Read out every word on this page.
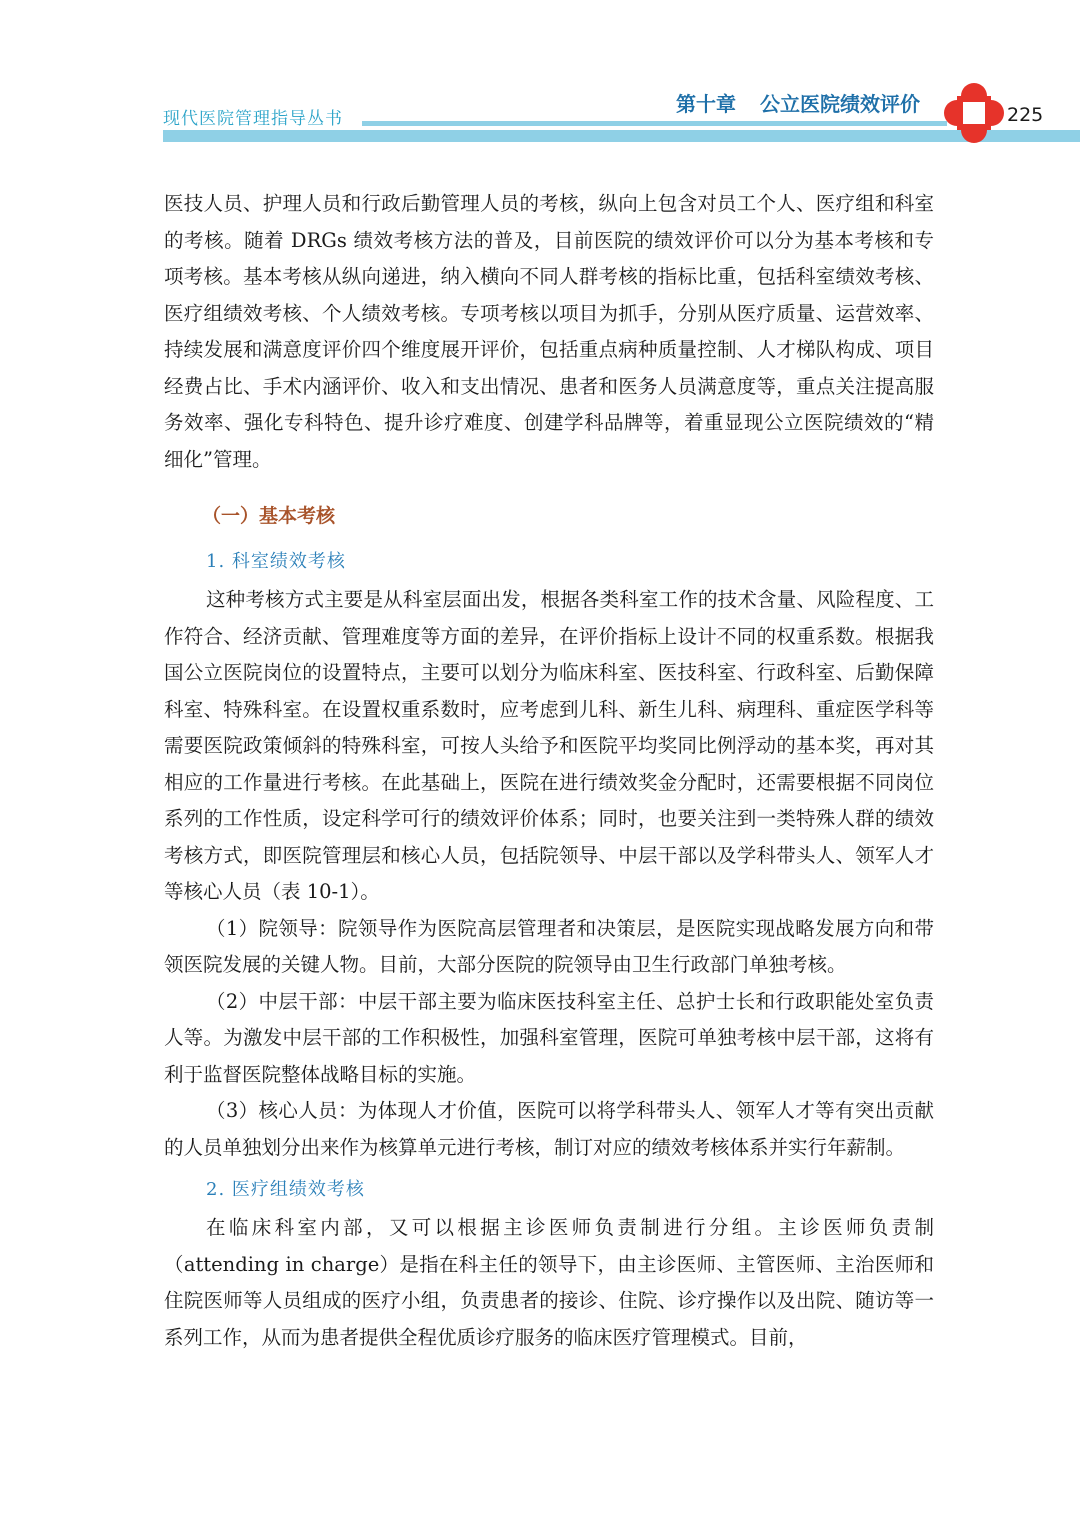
现代医院管理指导丛书
第十章 公立医院绩效评价	225

医技人员、护理人员和行政后勤管理人员的考核，纵向上包含对员工个人、医疗组和科室的考核。随着 DRGs 绩效考核方法的普及，目前医院的绩效评价可以分为基本考核和专项考核。基本考核从纵向递进，纳入横向不同人群考核的指标比重，包括科室绩效考核、医疗组绩效考核、个人绩效考核。专项考核以项目为抓手，分别从医疗质量、运营效率、持续发展和满意度评价四个维度展开评价，包括重点病种质量控制、人才梯队构成、项目经费占比、手术内涵评价、收入和支出情况、患者和医务人员满意度等，重点关注提高服务效率、强化专科特色、提升诊疗难度、创建学科品牌等，着重显现公立医院绩效的“精细化”管理。

（一）基本考核
1. 科室绩效考核

这种考核方式主要是从科室层面出发，根据各类科室工作的技术含量、风险程度、工作符合、经济贡献、管理难度等方面的差异，在评价指标上设计不同的权重系数。根据我国公立医院岗位的设置特点，主要可以划分为临床科室、医技科室、行政科室、后勤保障科室、特殊科室。在设置权重系数时，应考虑到儿科、新生儿科、病理科、重症医学科等需要医院政策倾斜的特殊科室，可按人头给予和医院平均奖同比例浮动的基本奖，再对其相应的工作量进行考核。在此基础上，医院在进行绩效奖金分配时，还需要根据不同岗位系列的工作性质，设定科学可行的绩效评价体系；同时，也要关注到一类特殊人群的绩效考核方式，即医院管理层和核心人员，包括院领导、中层干部以及学科带头人、领军人才等核心人员（表 10-1）。

（1）院领导：院领导作为医院高层管理者和决策层，是医院实现战略发展方向和带领医院发展的关键人物。目前，大部分医院的院领导由卫生行政部门单独考核。

（2）中层干部：中层干部主要为临床医技科室主任、总护士长和行政职能处室负责人等。为激发中层干部的工作积极性，加强科室管理，医院可单独考核中层干部，这将有利于监督医院整体战略目标的实施。

（3）核心人员：为体现人才价值，医院可以将学科带头人、领军人才等有突出贡献的人员单独划分出来作为核算单元进行考核，制订对应的绩效考核体系并实行年薪制。

2. 医疗组绩效考核

在临床科室内部，又可以根据主诊医师负责制进行分组。主诊医师负责制（attending in charge）是指在科主任的领导下，由主诊医师、主管医师、主治医师和住院医师等人员组成的医疗小组，负责患者的接诊、住院、诊疗操作以及出院、随访等一系列工作，从而为患者提供全程优质诊疗服务的临床医疗管理模式。目前，
